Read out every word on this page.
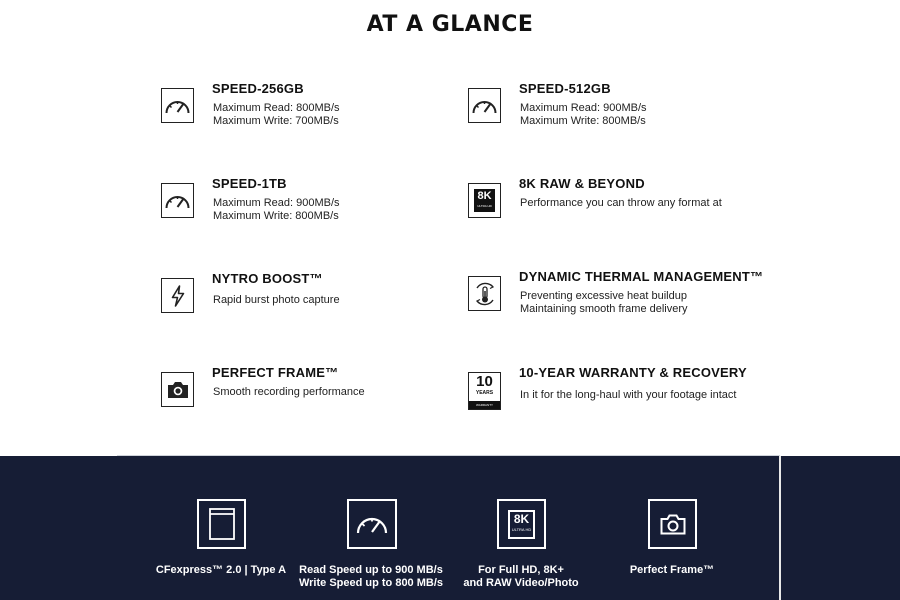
AT A GLANCE
SPEED-256GB
Maximum Read: 800MB/s
Maximum Write: 700MB/s
SPEED-512GB
Maximum Read: 900MB/s
Maximum Write: 800MB/s
SPEED-1TB
Maximum Read: 900MB/s
Maximum Write: 800MB/s
8K
ULTRA HD
8K RAW & BEYOND
Performance you can throw any format at
NYTRO BOOST™
Rapid burst photo capture
DYNAMIC THERMAL MANAGEMENT™
Preventing excessive heat buildup
Maintaining smooth frame delivery
PERFECT FRAME™
Smooth recording performance
10
YEARS
WARRANTY
10-YEAR WARRANTY & RECOVERY
In it for the long-haul with your footage intact
CFexpress™ 2.0 | Type A	Read Speed up to 900 MB/s
Write Speed up to 800 MB/s
8K
ULTRA HD
For Full HD, 8K+
and RAW Video/Photo
Perfect Frame™
